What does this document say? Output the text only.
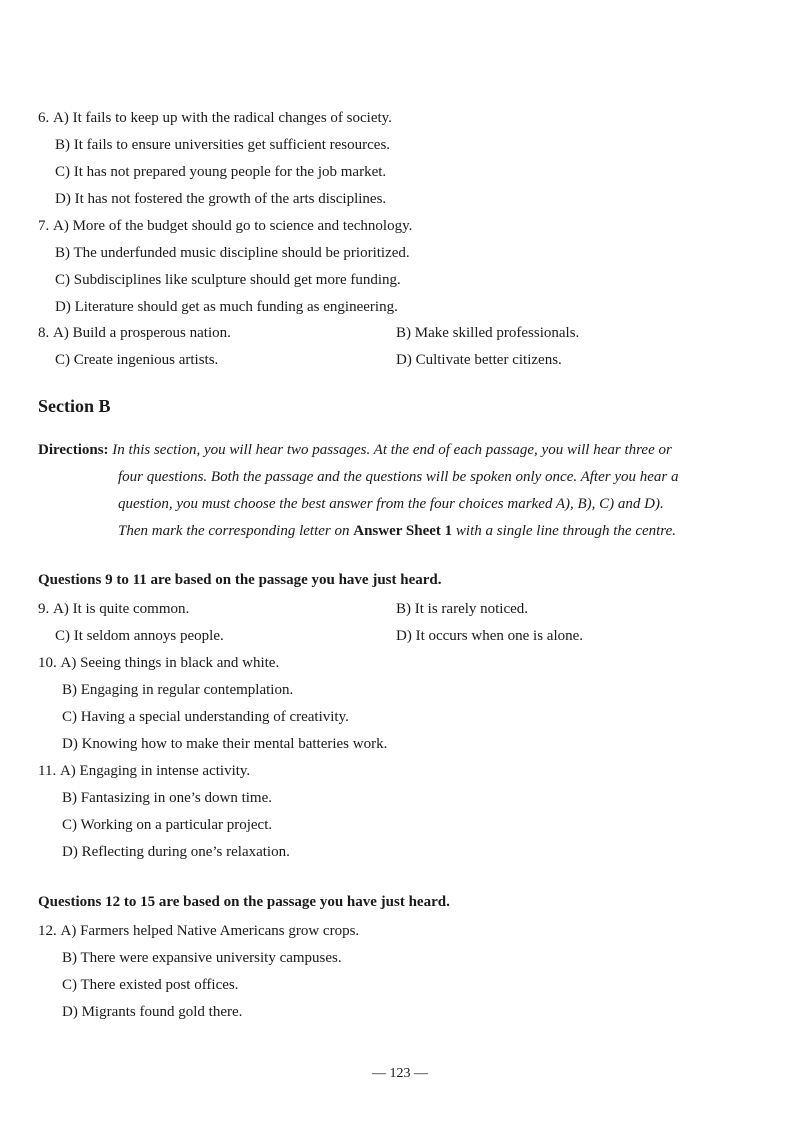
6. A) It fails to keep up with the radical changes of society.
B) It fails to ensure universities get sufficient resources.
C) It has not prepared young people for the job market.
D) It has not fostered the growth of the arts disciplines.
7. A) More of the budget should go to science and technology.
B) The underfunded music discipline should be prioritized.
C) Subdisciplines like sculpture should get more funding.
D) Literature should get as much funding as engineering.
8. A) Build a prosperous nation.	B) Make skilled professionals.
C) Create ingenious artists.	D) Cultivate better citizens.
Section B
Directions: In this section, you will hear two passages. At the end of each passage, you will hear three or
four questions. Both the passage and the questions will be spoken only once. After you hear a
question, you must choose the best answer from the four choices marked A), B), C) and D).
Then mark the corresponding letter on Answer Sheet 1 with a single line through the centre.
Questions 9 to 11 are based on the passage you have just heard.
9. A) It is quite common.	B) It is rarely noticed.
C) It seldom annoys people.	D) It occurs when one is alone.
10. A) Seeing things in black and white.
B) Engaging in regular contemplation.
C) Having a special understanding of creativity.
D) Knowing how to make their mental batteries work.
11. A) Engaging in intense activity.
B) Fantasizing in one’s down time.
C) Working on a particular project.
D) Reflecting during one’s relaxation.
Questions 12 to 15 are based on the passage you have just heard.
12. A) Farmers helped Native Americans grow crops.
B) There were expansive university campuses.
C) There existed post offices.
D) Migrants found gold there.
— 123 —
